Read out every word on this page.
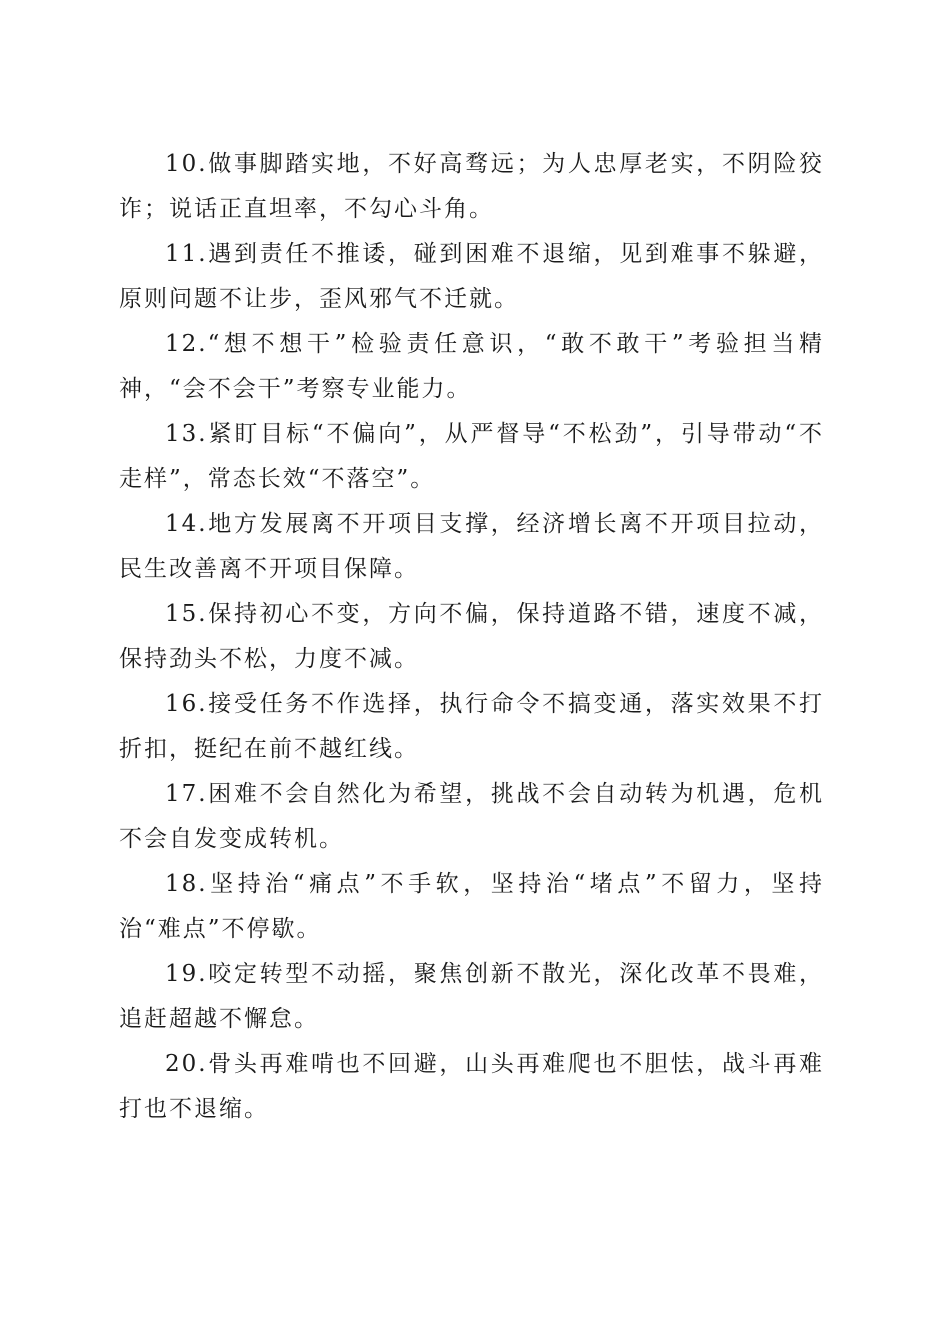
10.做事脚踏实地，不好高骛远；为人忠厚老实，不阴险狡诈；说话正直坦率，不勾心斗角。

11.遇到责任不推诿，碰到困难不退缩，见到难事不躲避，原则问题不让步，歪风邪气不迁就。

12.“想不想干”检验责任意识，“敢不敢干”考验担当精神，“会不会干”考察专业能力。

13.紧盯目标“不偏向”，从严督导“不松劲”，引导带动“不走样”，常态长效“不落空”。

14.地方发展离不开项目支撑，经济增长离不开项目拉动，民生改善离不开项目保障。

15.保持初心不变，方向不偏，保持道路不错，速度不减，保持劲头不松，力度不减。

16.接受任务不作选择，执行命令不搞变通，落实效果不打折扣，挺纪在前不越红线。

17.困难不会自然化为希望，挑战不会自动转为机遇，危机不会自发变成转机。

18.坚持治“痛点”不手软，坚持治“堵点”不留力，坚持治“难点”不停歇。

19.咬定转型不动摇，聚焦创新不散光，深化改革不畏难，追赶超越不懈怠。

20.骨头再难啃也不回避，山头再难爬也不胆怯，战斗再难打也不退缩。
